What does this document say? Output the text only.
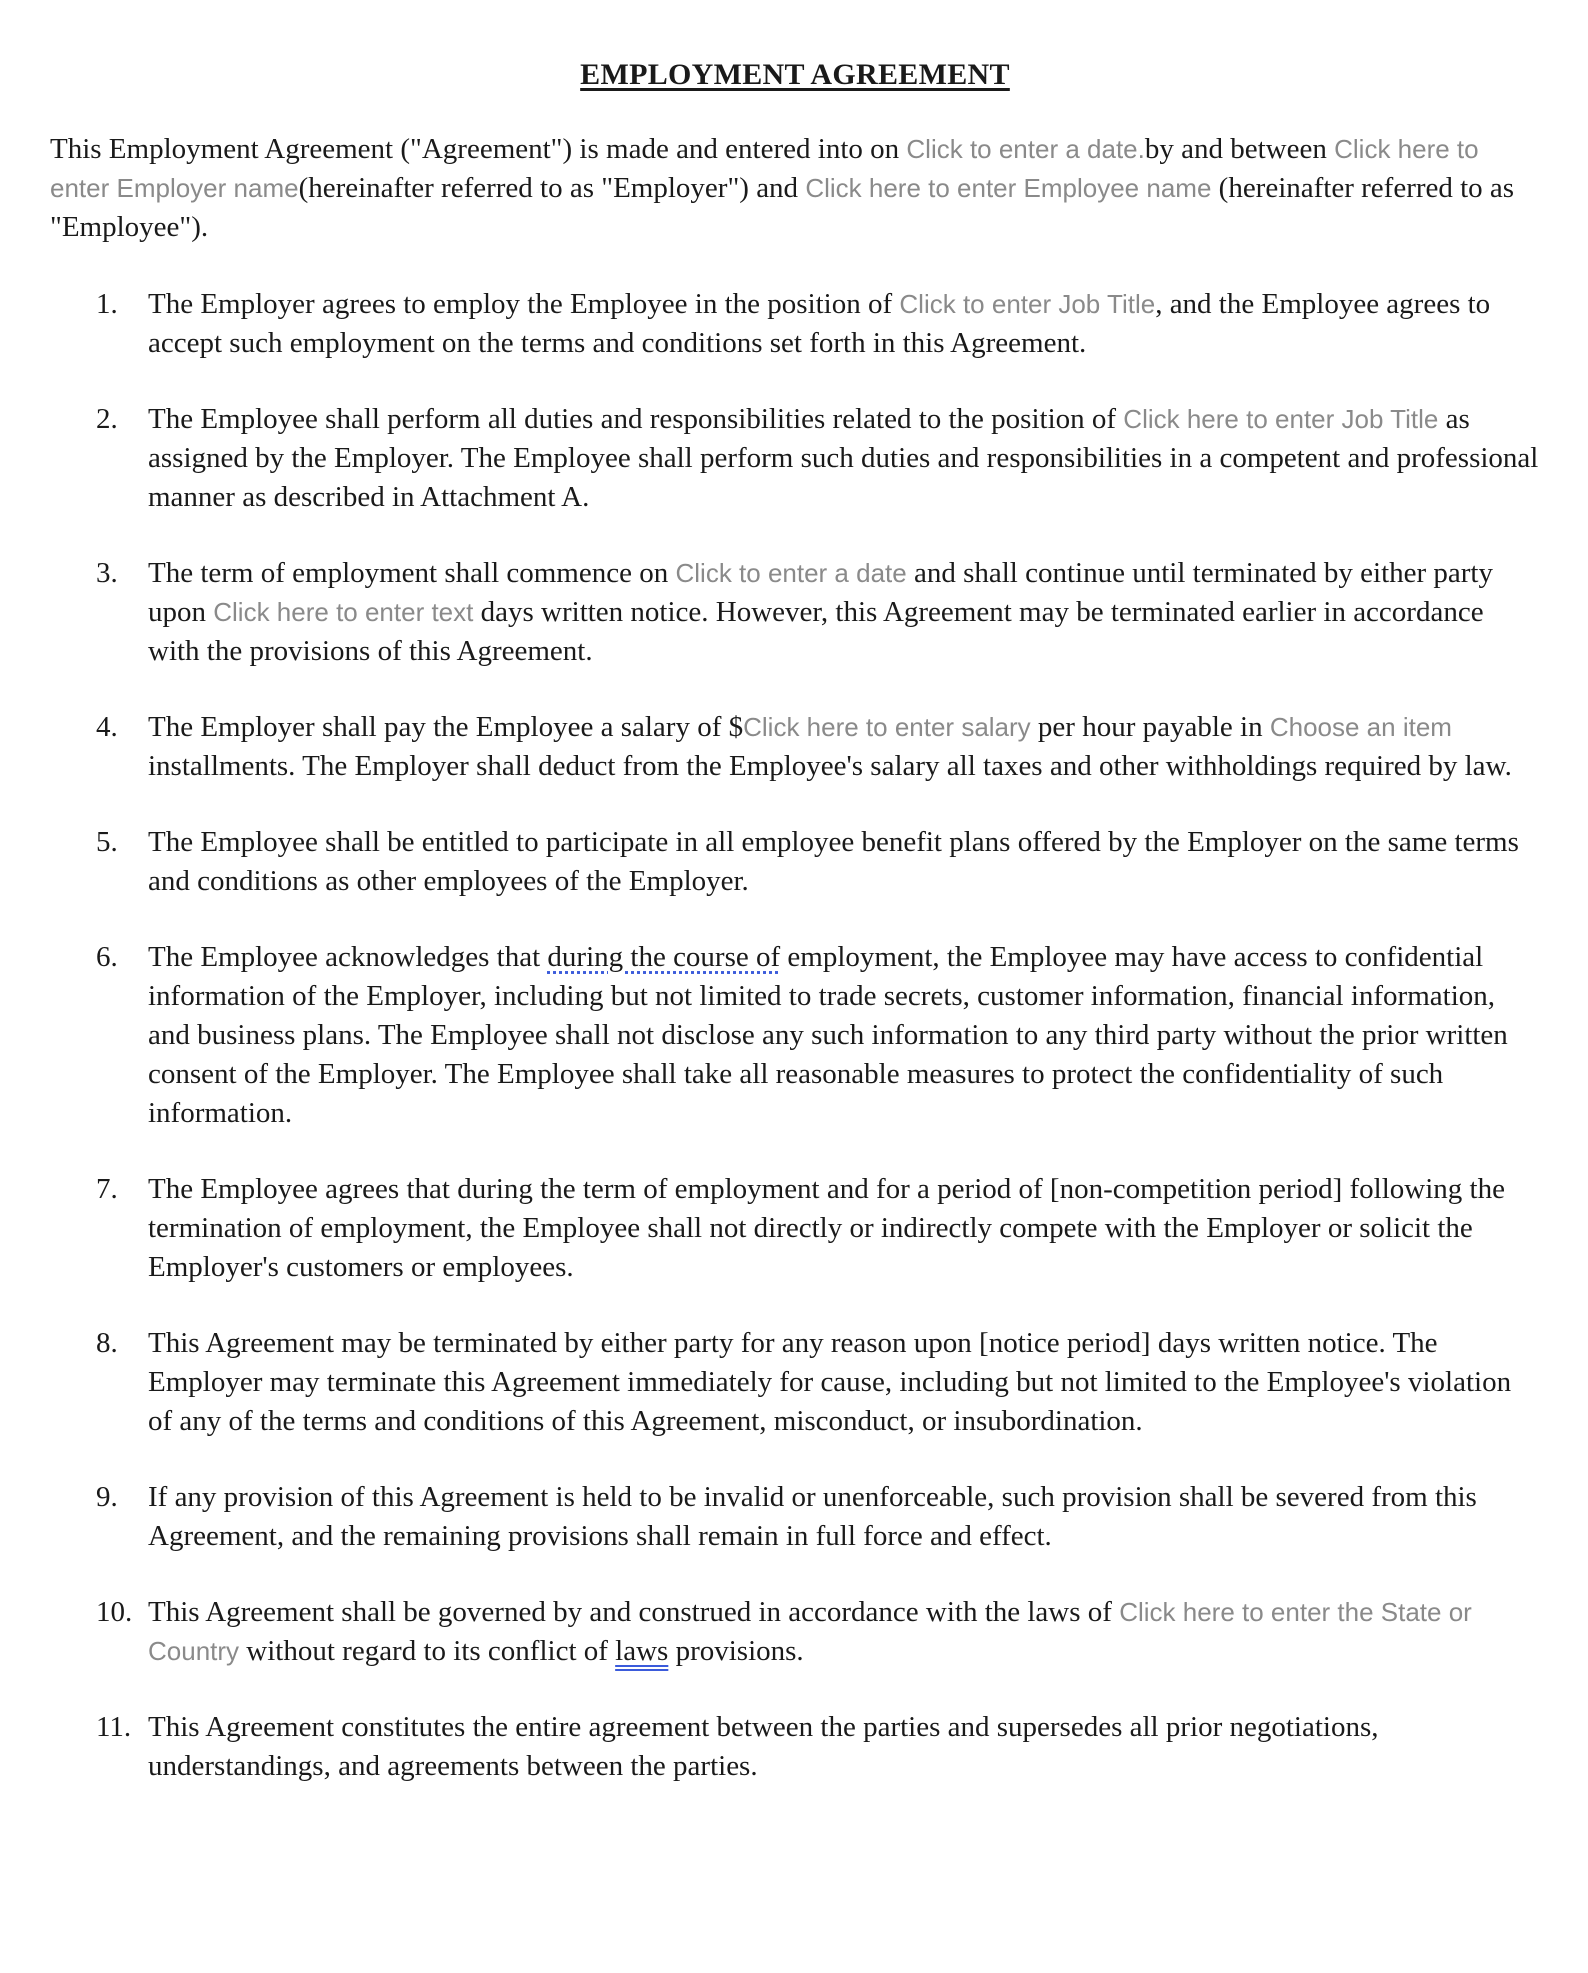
EMPLOYMENT AGREEMENT

This Employment Agreement ("Agreement") is made and entered into on Click to enter a date.by and between Click here to enter Employer name(hereinafter referred to as "Employer") and Click here to enter Employee name (hereinafter referred to as "Employee").

1.	The Employer agrees to employ the Employee in the position of Click to enter Job Title, and the Employee agrees to accept such employment on the terms and conditions set forth in this Agreement.
2.	The Employee shall perform all duties and responsibilities related to the position of Click here to enter Job Title as assigned by the Employer. The Employee shall perform such duties and responsibilities in a competent and professional manner as described in Attachment A.
3.	The term of employment shall commence on Click to enter a date and shall continue until terminated by either party upon Click here to enter text days written notice. However, this Agreement may be terminated earlier in accordance with the provisions of this Agreement.
4.	The Employer shall pay the Employee a salary of $Click here to enter salary per hour payable in Choose an item installments. The Employer shall deduct from the Employee's salary all taxes and other withholdings required by law.
5.	The Employee shall be entitled to participate in all employee benefit plans offered by the Employer on the same terms and conditions as other employees of the Employer.
6.	The Employee acknowledges that during the course of employment, the Employee may have access to confidential information of the Employer, including but not limited to trade secrets, customer information, financial information, and business plans. The Employee shall not disclose any such information to any third party without the prior written consent of the Employer. The Employee shall take all reasonable measures to protect the confidentiality of such information.
7.	The Employee agrees that during the term of employment and for a period of [non-competition period] following the termination of employment, the Employee shall not directly or indirectly compete with the Employer or solicit the Employer's customers or employees.
8.	This Agreement may be terminated by either party for any reason upon [notice period] days written notice. The Employer may terminate this Agreement immediately for cause, including but not limited to the Employee's violation of any of the terms and conditions of this Agreement, misconduct, or insubordination.
9.	If any provision of this Agreement is held to be invalid or unenforceable, such provision shall be severed from this Agreement, and the remaining provisions shall remain in full force and effect.
10. This Agreement shall be governed by and construed in accordance with the laws of Click here to enter the State or Country without regard to its conflict of laws provisions.
11. This Agreement constitutes the entire agreement between the parties and supersedes all prior negotiations, understandings, and agreements between the parties.
